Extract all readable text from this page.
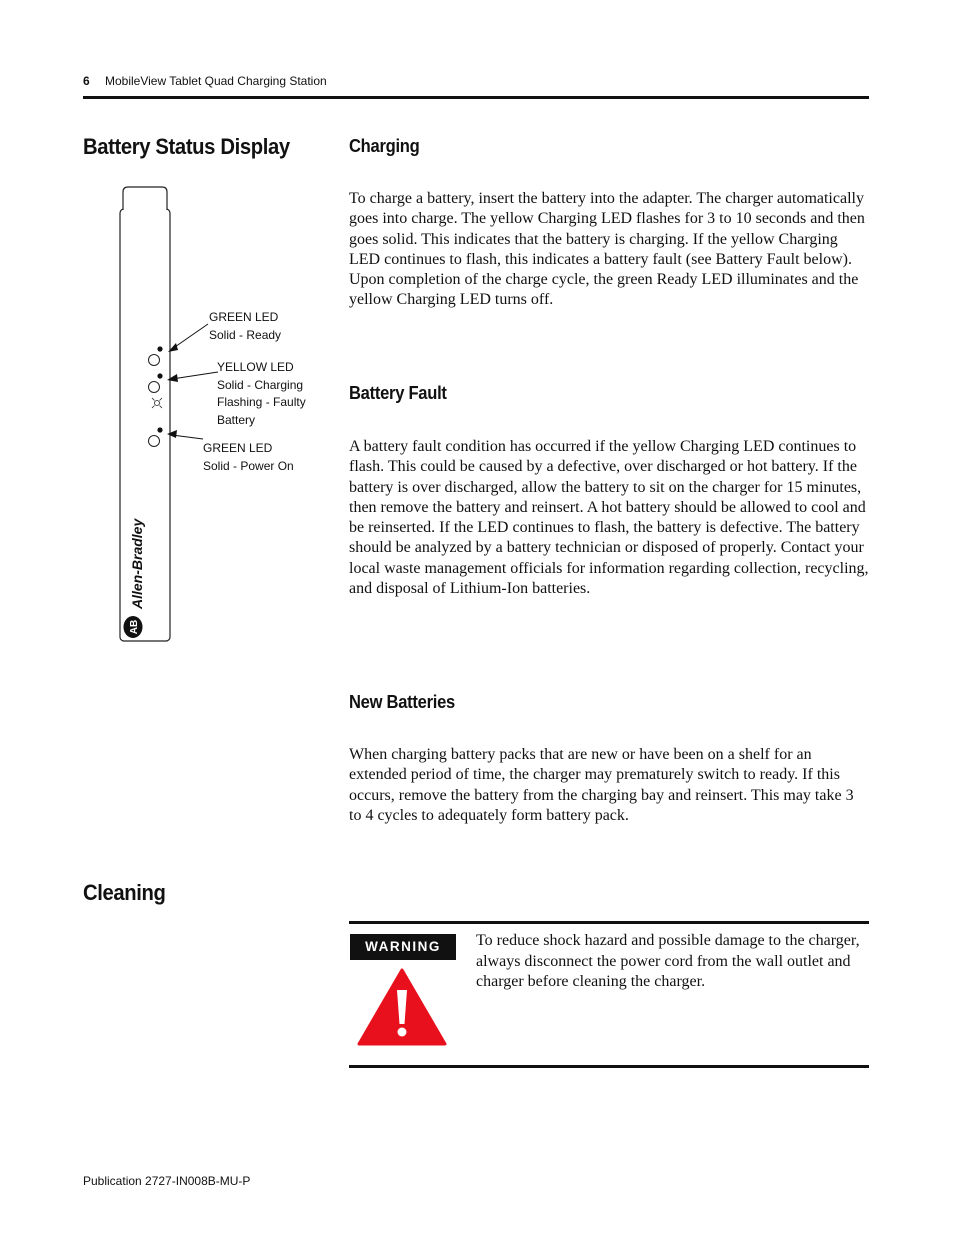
6 MobileView Tablet Quad Charging Station
Battery Status Display
Allen-Bradley
AB
GREEN LED
Solid - Ready
YELLOW LED
Solid - Charging
Flashing - Faulty
Battery
GREEN LED
Solid - Power On
Charging

To charge a battery, insert the battery into the adapter. The charger automatically goes into charge. The yellow Charging LED flashes for 3 to 10 seconds and then goes solid. This indicates that the battery is charging. If the yellow Charging LED continues to flash, this indicates a battery fault (see Battery Fault below). Upon completion of the charge cycle, the green Ready LED illuminates and the yellow Charging LED turns off.

Battery Fault

A battery fault condition has occurred if the yellow Charging LED continues to flash. This could be caused by a defective, over discharged or hot battery. If the battery is over discharged, allow the battery to sit on the charger for 15 minutes, then remove the battery and reinsert. A hot battery should be allowed to cool and be reinserted. If the LED continues to flash, the battery is defective. The battery should be analyzed by a battery technician or disposed of properly. Contact your local waste management officials for information regarding collection, recycling, and disposal of Lithium-Ion batteries.

New Batteries

When charging battery packs that are new or have been on a shelf for an extended period of time, the charger may prematurely switch to ready. If this occurs, remove the battery from the charging bay and reinsert. This may take 3 to 4 cycles to adequately form battery pack.

Cleaning
WARNING	To reduce shock hazard and possible damage to the charger, always disconnect the power cord from the wall outlet and charger before cleaning the charger.

Publication 2727-IN008B-MU-P
